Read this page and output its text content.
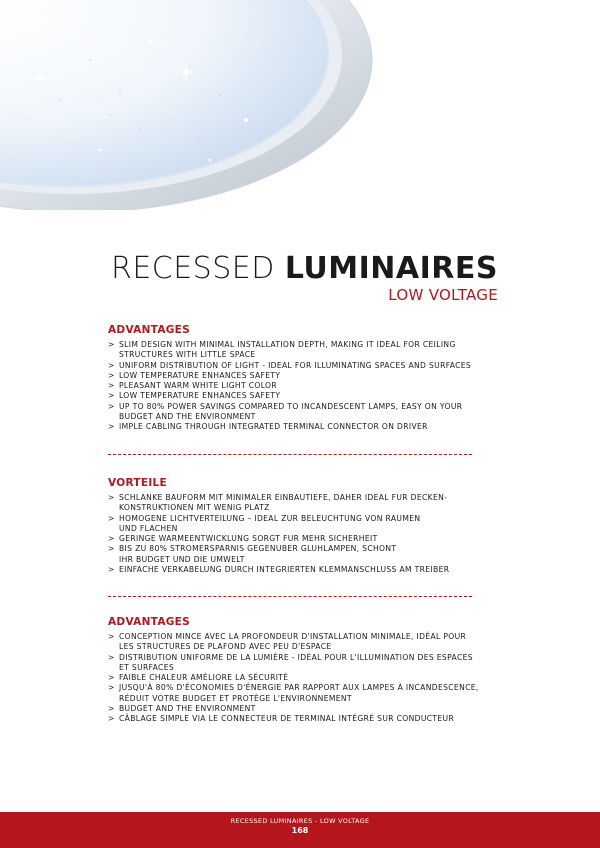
RECESSED LUMINAIRES
LOW VOLTAGE
ADVANTAGES
> SLIM DESIGN WITH MINIMAL INSTALLATION DEPTH, MAKING IT IDEAL FOR CEILING
STRUCTURES WITH LITTLE SPACE
> UNIFORM DISTRIBUTION OF LIGHT - IDEAL FOR ILLUMINATING SPACES AND SURFACES
> LOW TEMPERATURE ENHANCES SAFETY
> PLEASANT WARM WHITE LIGHT COLOR
> LOW TEMPERATURE ENHANCES SAFETY
> UP TO 80% POWER SAVINGS COMPARED TO INCANDESCENT LAMPS, EASY ON YOUR
BUDGET AND THE ENVIRONMENT
> IMPLE CABLING THROUGH INTEGRATED TERMINAL CONNECTOR ON DRIVER
VORTEILE
> SCHLANKE BAUFORM MIT MINIMALER EINBAUTIEFE, DAHER IDEAL FUR DECKEN-
KONSTRUKTIONEN MIT WENIG PLATZ
> HOMOGENE LICHTVERTEILUNG – IDEAL ZUR BELEUCHTUNG VON RAUMEN
UND FLACHEN
> GERINGE WARMEENTWICKLUNG SORGT FUR MEHR SICHERHEIT
> BIS ZU 80% STROMERSPARNIS GEGENUBER GLUHLAMPEN, SCHONT
IHR BUDGET UND DIE UMWELT
> EINFACHE VERKABELUNG DURCH INTEGRIERTEN KLEMMANSCHLUSS AM TREIBER
ADVANTAGES
> CONCEPTION MINCE AVEC LA PROFONDEUR D'INSTALLATION MINIMALE, IDÉAL POUR
LES STRUCTURES DE PLAFOND AVEC PEU D'ESPACE
> DISTRIBUTION UNIFORME DE LA LUMIÈRE - IDÉAL POUR L'ILLUMINATION DES ESPACES
ET SURFACES
> FAIBLE CHALEUR AMÉLIORE LA SÉCURITÉ
> JUSQU'À 80% D'ÉCONOMIES D'ÉNERGIE PAR RAPPORT AUX LAMPES À INCANDESCENCE,
RÉDUIT VOTRE BUDGET ET PROTÈGE L'ENVIRONNEMENT
> BUDGET AND THE ENVIRONMENT
> CÂBLAGE SIMPLE VIA LE CONNECTEUR DE TERMINAL INTÉGRÉ SUR CONDUCTEUR
RECESSED LUMINAIRES - LOW VOLTAGE
168
